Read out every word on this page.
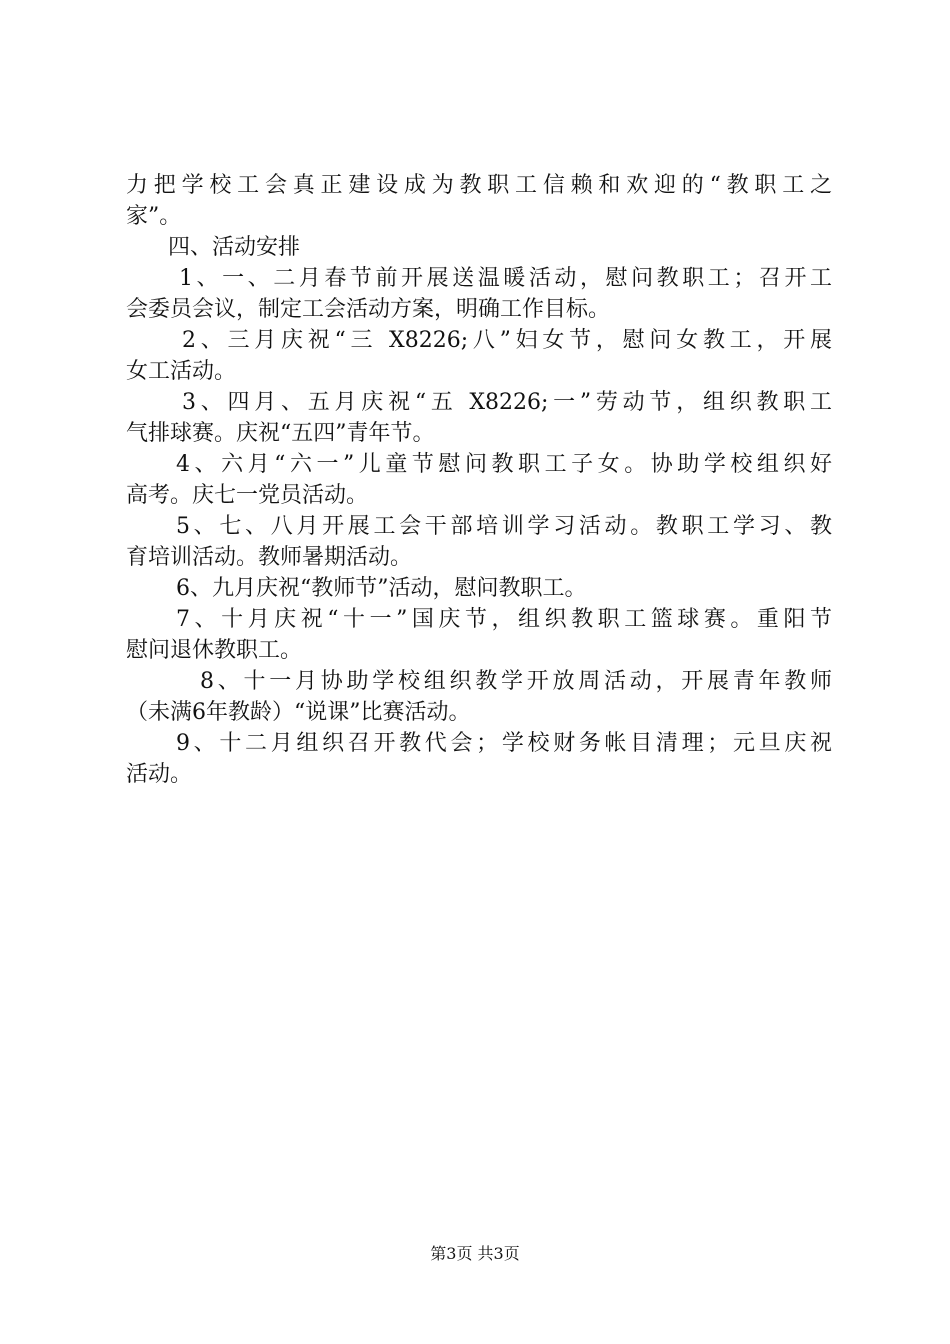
力把学校工会真正建设成为教职工信赖和欢迎的“教职工之
家”。
四、活动安排
1、一、二月春节前开展送温暖活动，慰问教职工；召开工
会委员会议，制定工会活动方案，明确工作目标。
2、三月庆祝“三 X8226;八”妇女节，慰问女教工，开展
女工活动。
3、四月、五月庆祝“五 X8226;一”劳动节，组织教职工
气排球赛。庆祝“五四”青年节。
4、六月“六一”儿童节慰问教职工子女。协助学校组织好
高考。庆七一党员活动。
5、七、八月开展工会干部培训学习活动。教职工学习、教
育培训活动。教师暑期活动。
6、九月庆祝“教师节”活动，慰问教职工。
7、十月庆祝“十一”国庆节，组织教职工篮球赛。重阳节
慰问退休教职工。
8、十一月协助学校组织教学开放周活动，开展青年教师
（未满6年教龄）“说课”比赛活动。
9、十二月组织召开教代会；学校财务帐目清理；元旦庆祝
活动。
第3页 共3页
